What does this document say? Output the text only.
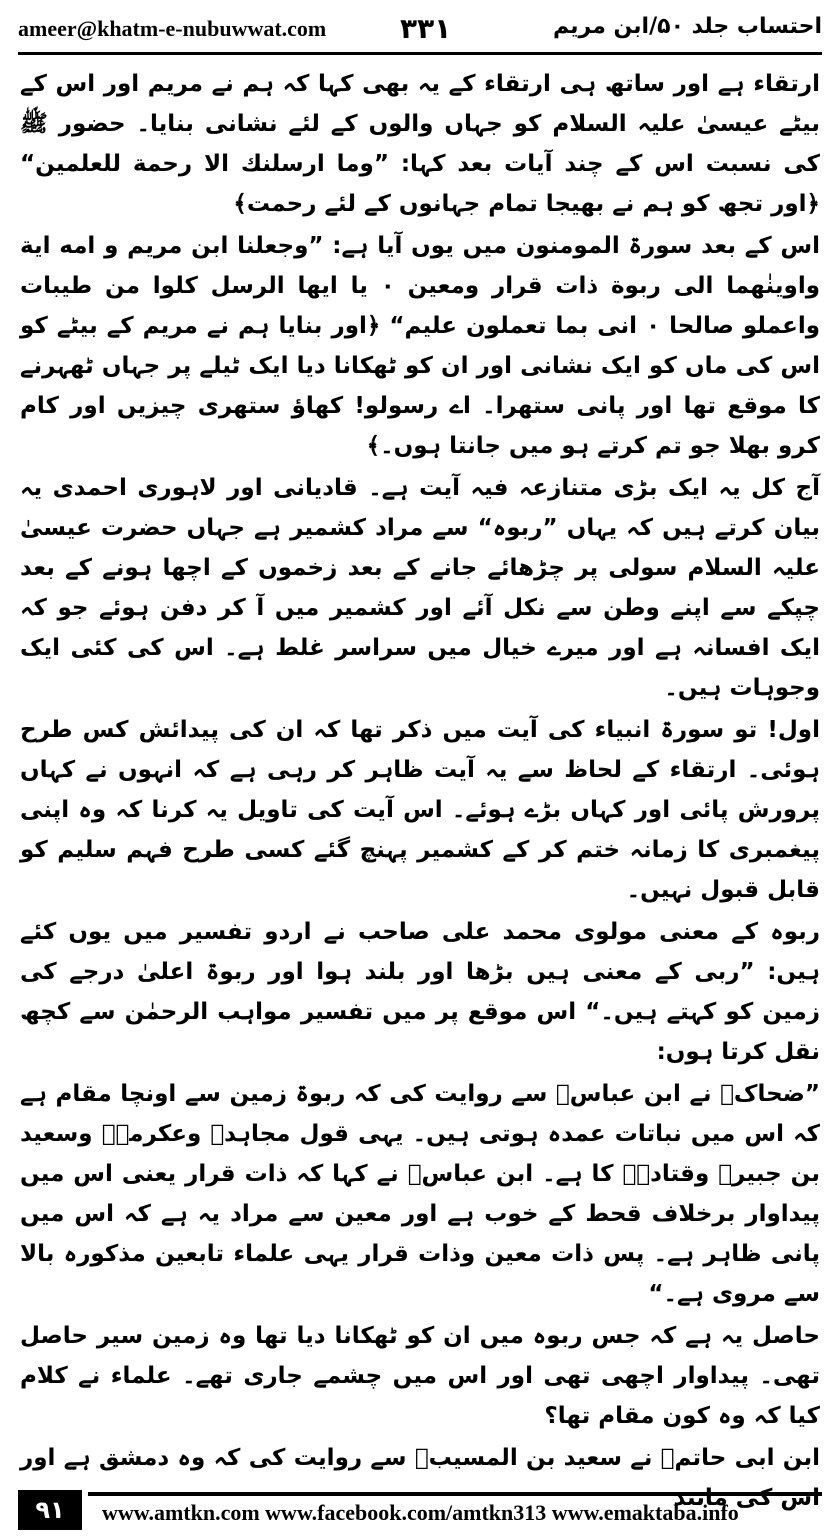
ameer@khatm-e-nubuwwat.com	۳۳۱	احتساب جلد ۵۰/ابن مریم

ارتقاء ہے اور ساتھ ہی ارتقاء کے یہ بھی کہا کہ ہم نے مریم اور اس کے بیٹے عیسیٰ علیہ السلام کو جہاں والوں کے لئے نشانی بنایا۔ حضور ﷺ کی نسبت اس کے چند آیات بعد کہا: ”وما ارسلنك الا رحمة للعلمين“ ﴿اور تجھ کو ہم نے بھیجا تمام جہانوں کے لئے رحمت﴾

اس کے بعد سورۃ المومنون میں یوں آیا ہے: ”وجعلنا ابن مريم و امه اية واوينٰهما الى ربوة ذات قرار ومعين ۰ يا ايها الرسل كلوا من طيبات واعملو صالحا ۰ انى بما تعملون عليم“ ﴿اور بنایا ہم نے مریم کے بیٹے کو اس کی ماں کو ایک نشانی اور ان کو ٹھکانا دیا ایک ٹیلے پر جہاں ٹھہرنے کا موقع تھا اور پانی ستھرا۔ اے رسولو! کھاؤ ستھری چیزیں اور کام کرو بھلا جو تم کرتے ہو میں جانتا ہوں۔﴾

آج کل یہ ایک بڑی متنازعہ فیہ آیت ہے۔ قادیانی اور لاہوری احمدی یہ بیان کرتے ہیں کہ یہاں ”ربوہ“ سے مراد کشمیر ہے جہاں حضرت عیسیٰ علیہ السلام سولی پر چڑھائے جانے کے بعد زخموں کے اچھا ہونے کے بعد چپکے سے اپنے وطن سے نکل آئے اور کشمیر میں آ کر دفن ہوئے جو کہ ایک افسانہ ہے اور میرے خیال میں سراسر غلط ہے۔ اس کی کئی ایک وجوہات ہیں۔

اول! تو سورۃ انبیاء کی آیت میں ذکر تھا کہ ان کی پیدائش کس طرح ہوئی۔ ارتقاء کے لحاظ سے یہ آیت ظاہر کر رہی ہے کہ انہوں نے کہاں پرورش پائی اور کہاں بڑے ہوئے۔ اس آیت کی تاویل یہ کرنا کہ وہ اپنی پیغمبری کا زمانہ ختم کر کے کشمیر پہنچ گئے کسی طرح فہم سلیم کو قابل قبول نہیں۔

ربوہ کے معنی مولوی محمد علی صاحب نے اردو تفسیر میں یوں کئے ہیں: ”ربی کے معنی ہیں بڑھا اور بلند ہوا اور ربوۃ اعلیٰ درجے کی زمین کو کہتے ہیں۔“ اس موقع پر میں تفسیر مواہب الرحمٰن سے کچھ نقل کرتا ہوں:

”ضحاکؒ نے ابن عباسؓ سے روایت کی کہ ربوۃ زمین سے اونچا مقام ہے کہ اس میں نباتات عمدہ ہوتی ہیں۔ یہی قول مجاہدؒ وعکرمہؒ وسعید بن جبیرؒ وقتادہؒ کا ہے۔ ابن عباسؓ نے کہا کہ ذات قرار یعنی اس میں پیداوار برخلاف قحط کے خوب ہے اور معین سے مراد یہ ہے کہ اس میں پانی ظاہر ہے۔ پس ذات معین وذات قرار یہی علماء تابعین مذکورہ بالا سے مروی ہے۔“

حاصل یہ ہے کہ جس ربوہ میں ان کو ٹھکانا دیا تھا وہ زمین سیر حاصل تھی۔ پیداوار اچھی تھی اور اس میں چشمے جاری تھے۔ علماء نے کلام کیا کہ وہ کون مقام تھا؟

ابن ابی حاتمؒ نے سعید بن المسیبؒ سے روایت کی کہ وہ دمشق ہے اور اس کی مانند

۹۱	www.amtkn.com www.facebook.com/amtkn313 www.emaktaba.info
